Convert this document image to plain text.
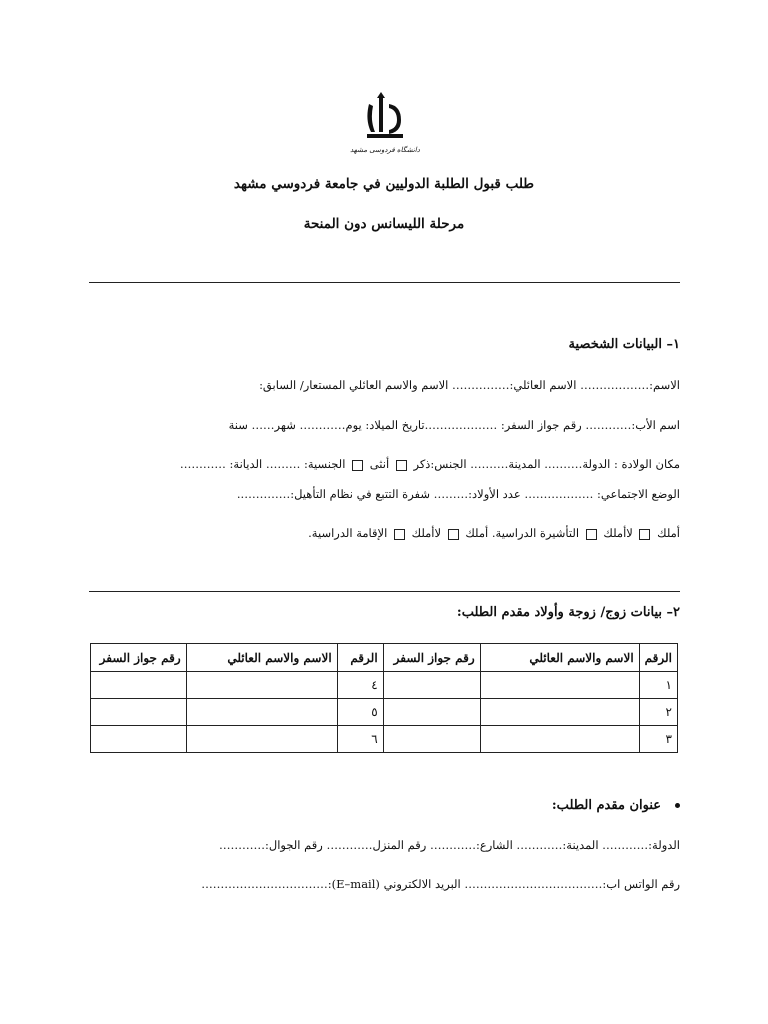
دانشگاه فردوسی مشهد
طلب قبول الطلبة الدوليين في جامعة فردوسي مشهد
مرحلة الليسانس دون المنحة
١– البيانات الشخصية
الاسم:……………… الاسم العائلي:…………… الاسم والاسم العائلي المستعار/ السابق:
اسم الأب:………… رقم جواز السفر: ……………….تاريخ الميلاد: يوم………… شهر…… سنة
مكان الولادة : الدولة………. المدينة………. الجنس:ذكر  أنثى  الجنسية: ……… الديانة: …………
الوضع الاجتماعي: ……………… عدد الأولاد:……… شفرة التتبع في نظام التأهيل:…………..
أملك  لاأملك  التأشيرة الدراسية. أملك  لاأملك  الإقامة الدراسية.
٢– بيانات زوج/ زوجة وأولاد مقدم الطلب:
الرقم	الاسم والاسم العائلي	رقم جواز السفر	الرقم	الاسم والاسم العائلي	رقم جواز السفر
١			٤		
٢			٥		
٣			٦		
عنوان مقدم الطلب:
الدولة:………… المدينة:………… الشارع:………… رقم المنزل………… رقم الجوال:…………
رقم الواتس اب:……………………………… البريد الالكتروني (E–mail):……………………………
